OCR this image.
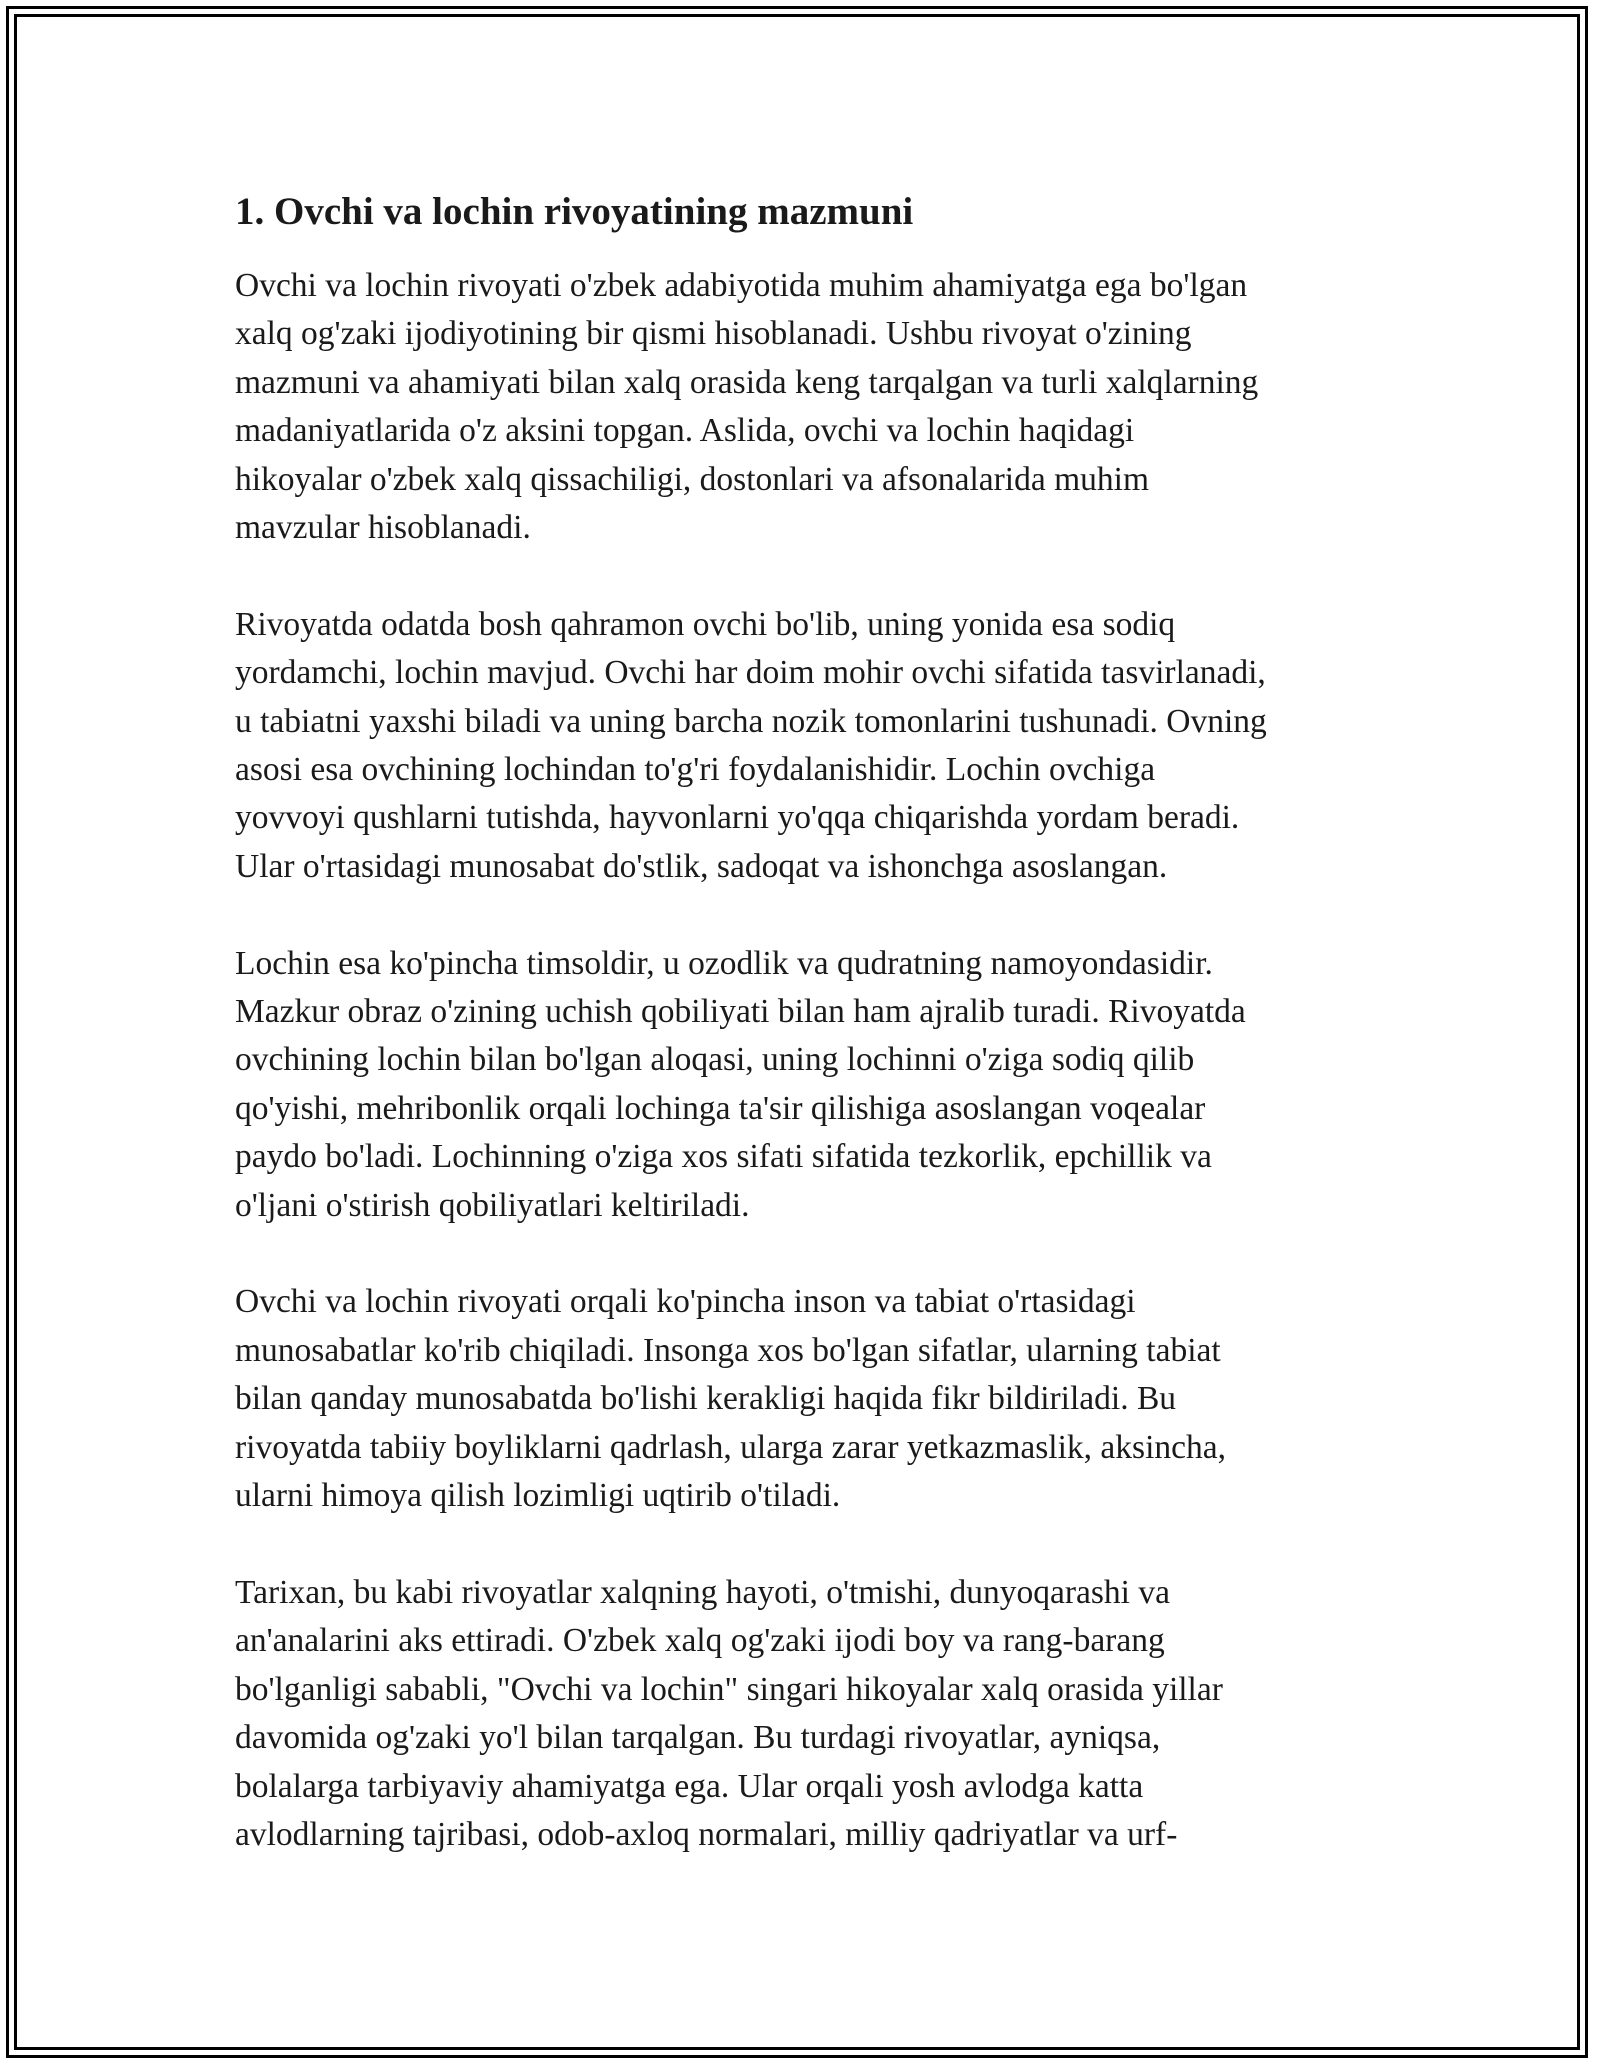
1. Ovchi va lochin rivoyatining mazmuni

Ovchi va lochin rivoyati o'zbek adabiyotida muhim ahamiyatga ega bo'lgan
xalq og'zaki ijodiyotining bir qismi hisoblanadi. Ushbu rivoyat o'zining
mazmuni va ahamiyati bilan xalq orasida keng tarqalgan va turli xalqlarning
madaniyatlarida o'z aksini topgan. Aslida, ovchi va lochin haqidagi
hikoyalar o'zbek xalq qissachiligi, dostonlari va afsonalarida muhim
mavzular hisoblanadi.

Rivoyatda odatda bosh qahramon ovchi bo'lib, uning yonida esa sodiq
yordamchi, lochin mavjud. Ovchi har doim mohir ovchi sifatida tasvirlanadi,
u tabiatni yaxshi biladi va uning barcha nozik tomonlarini tushunadi. Ovning
asosi esa ovchining lochindan to'g'ri foydalanishidir. Lochin ovchiga
yovvoyi qushlarni tutishda, hayvonlarni yo'qqa chiqarishda yordam beradi.
Ular o'rtasidagi munosabat do'stlik, sadoqat va ishonchga asoslangan.

Lochin esa ko'pincha timsoldir, u ozodlik va qudratning namoyondasidir.
Mazkur obraz o'zining uchish qobiliyati bilan ham ajralib turadi. Rivoyatda
ovchining lochin bilan bo'lgan aloqasi, uning lochinni o'ziga sodiq qilib
qo'yishi, mehribonlik orqali lochinga ta'sir qilishiga asoslangan voqealar
paydo bo'ladi. Lochinning o'ziga xos sifati sifatida tezkorlik, epchillik va
o'ljani o'stirish qobiliyatlari keltiriladi.

Ovchi va lochin rivoyati orqali ko'pincha inson va tabiat o'rtasidagi
munosabatlar ko'rib chiqiladi. Insonga xos bo'lgan sifatlar, ularning tabiat
bilan qanday munosabatda bo'lishi kerakligi haqida fikr bildiriladi. Bu
rivoyatda tabiiy boyliklarni qadrlash, ularga zarar yetkazmaslik, aksincha,
ularni himoya qilish lozimligi uqtirib o'tiladi.

Tarixan, bu kabi rivoyatlar xalqning hayoti, o'tmishi, dunyoqarashi va
an'analarini aks ettiradi. O'zbek xalq og'zaki ijodi boy va rang-barang
bo'lganligi sababli, "Ovchi va lochin" singari hikoyalar xalq orasida yillar
davomida og'zaki yo'l bilan tarqalgan. Bu turdagi rivoyatlar, ayniqsa,
bolalarga tarbiyaviy ahamiyatga ega. Ular orqali yosh avlodga katta
avlodlarning tajribasi, odob-axloq normalari, milliy qadriyatlar va urf-
